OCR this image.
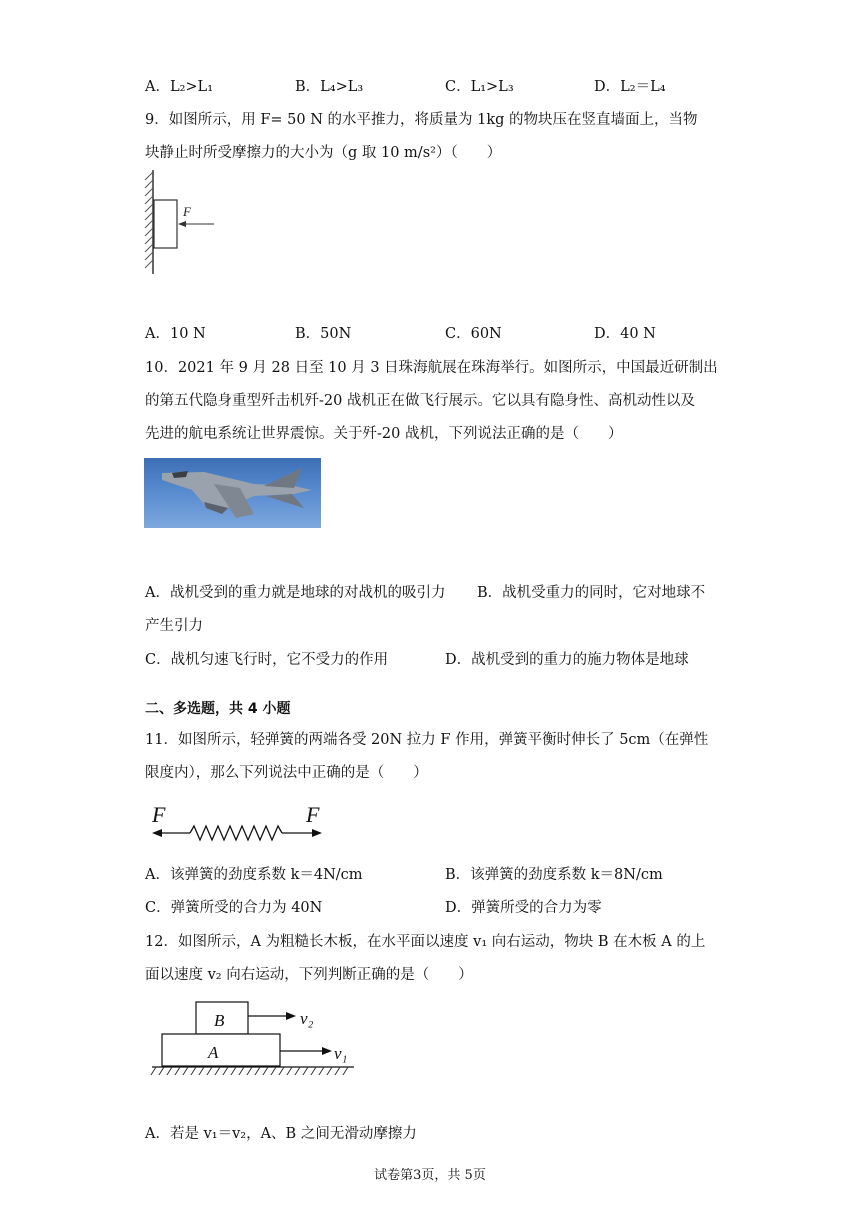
A．L₂>L₁	B．L₄>L₃	C．L₁>L₃	D．L₂＝L₄
9．如图所示，用 F= 50 N 的水平推力，将质量为 1kg 的物块压在竖直墙面上，当物
块静止时所受摩擦力的大小为（g 取 10 m/s²）（　　）
F
A．10 N	B．50N	C．60N	D．40 N
10．2021 年 9 月 28 日至 10 月 3 日珠海航展在珠海举行。如图所示，中国最近研制出
的第五代隐身重型歼击机歼-20 战机正在做飞行展示。它以具有隐身性、高机动性以及
先进的航电系统让世界震惊。关于歼-20 战机，下列说法正确的是（　　）
A．战机受到的重力就是地球的对战机的吸引力 B．战机受重力的同时，它对地球不
产生引力
C．战机匀速飞行时，它不受力的作用	D．战机受到的重力的施力物体是地球
二、多选题，共 4 小题
11．如图所示，轻弹簧的两端各受 20N 拉力 F 作用，弹簧平衡时伸长了 5cm（在弹性
限度内），那么下列说法中正确的是（　　）
F	F
A．该弹簧的劲度系数 k＝4N/cm	B．该弹簧的劲度系数 k＝8N/cm
C．弹簧所受的合力为 40N	D．弹簧所受的合力为零
12．如图所示，A 为粗糙长木板，在水平面以速度 v₁ 向右运动，物块 B 在木板 A 的上
面以速度 v₂ 向右运动，下列判断正确的是（　　）
B	v₂
A	v₁
A．若是 v₁＝v₂，A、B 之间无滑动摩擦力
试卷第3页，共 5页
